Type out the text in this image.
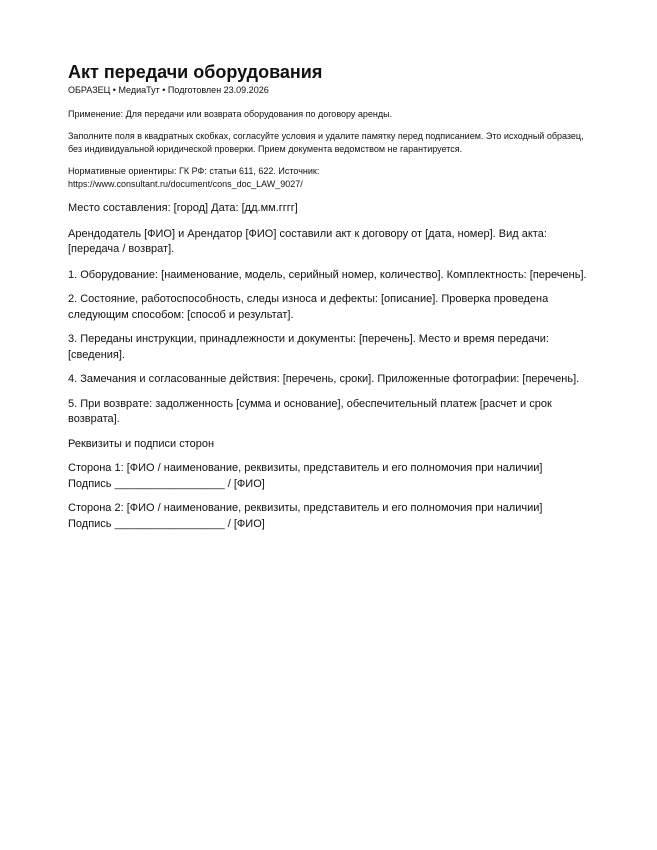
Акт передачи оборудования

ОБРАЗЕЦ • МедиаТут • Подготовлен 23.09.2026

Применение: Для передачи или возврата оборудования по договору аренды.

Заполните поля в квадратных скобках, согласуйте условия и удалите памятку перед подписанием. Это исходный образец, без индивидуальной юридической проверки. Прием документа ведомством не гарантируется.

Нормативные ориентиры: ГК РФ: статьи 611, 622. Источник:

https://www.consultant.ru/document/cons_doc_LAW_9027/

Место составления: [город] Дата: [дд.мм.гггг]

Арендодатель [ФИО] и Арендатор [ФИО] составили акт к договору от [дата, номер]. Вид акта: [передача / возврат].

1. Оборудование: [наименование, модель, серийный номер, количество]. Комплектность: [перечень].

2. Состояние, работоспособность, следы износа и дефекты: [описание]. Проверка проведена следующим способом: [способ и результат].

3. Переданы инструкции, принадлежности и документы: [перечень]. Место и время передачи: [сведения].

4. Замечания и согласованные действия: [перечень, сроки]. Приложенные фотографии: [перечень].

5. При возврате: задолженность [сумма и основание], обеспечительный платеж [расчет и срок возврата].

Реквизиты и подписи сторон

Сторона 1: [ФИО / наименование, реквизиты, представитель и его полномочия при наличии]

Подпись __________________ / [ФИО]

Сторона 2: [ФИО / наименование, реквизиты, представитель и его полномочия при наличии]

Подпись __________________ / [ФИО]
